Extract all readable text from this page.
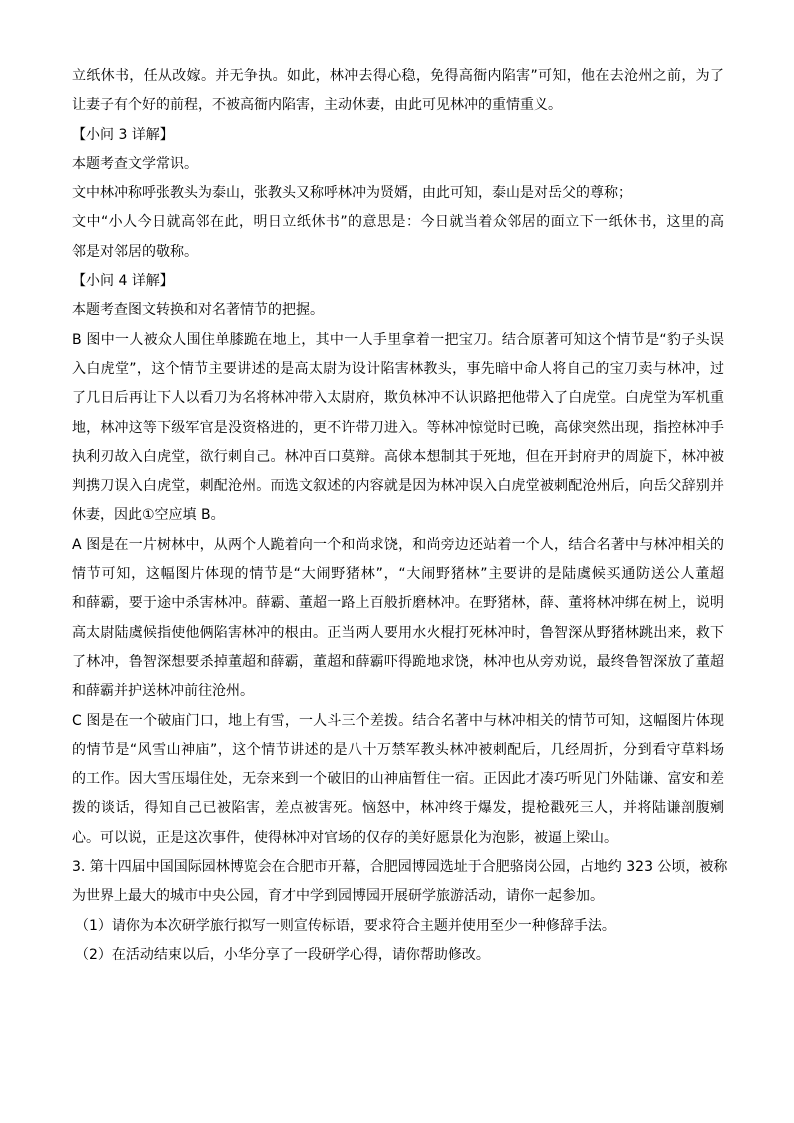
立纸休书，任从改嫁。并无争执。如此，林冲去得心稳，免得高衙内陷害”可知，他在去沧州之前，为了
让妻子有个好的前程，不被高衙内陷害，主动休妻，由此可见林冲的重情重义。
【小问 3 详解】
本题考查文学常识。
文中林冲称呼张教头为泰山，张教头又称呼林冲为贤婿，由此可知，泰山是对岳父的尊称；
文中“小人今日就高邻在此，明日立纸休书”的意思是：今日就当着众邻居的面立下一纸休书，这里的高
邻是对邻居的敬称。
【小问 4 详解】
本题考查图文转换和对名著情节的把握。
B 图中一人被众人围住单膝跪在地上，其中一人手里拿着一把宝刀。结合原著可知这个情节是“豹子头误
入白虎堂”，这个情节主要讲述的是高太尉为设计陷害林教头，事先暗中命人将自己的宝刀卖与林冲，过
了几日后再让下人以看刀为名将林冲带入太尉府，欺负林冲不认识路把他带入了白虎堂。白虎堂为军机重
地，林冲这等下级军官是没资格进的，更不许带刀进入。等林冲惊觉时已晚，高俅突然出现，指控林冲手
执利刃故入白虎堂，欲行刺自己。林冲百口莫辩。高俅本想制其于死地，但在开封府尹的周旋下，林冲被
判携刀误入白虎堂，刺配沧州。而选文叙述的内容就是因为林冲误入白虎堂被刺配沧州后，向岳父辞别并
休妻，因此①空应填 B。
A 图是在一片树林中，从两个人跪着向一个和尚求饶，和尚旁边还站着一个人，结合名著中与林冲相关的
情节可知，这幅图片体现的情节是“大闹野猪林”，“大闹野猪林”主要讲的是陆虞候买通防送公人董超
和薛霸，要于途中杀害林冲。薛霸、董超一路上百般折磨林冲。在野猪林，薛、董将林冲绑在树上，说明
高太尉陆虞候指使他俩陷害林冲的根由。正当两人要用水火棍打死林冲时，鲁智深从野猪林跳出来，救下
了林冲，鲁智深想要杀掉董超和薛霸，董超和薛霸吓得跪地求饶，林冲也从旁劝说，最终鲁智深放了董超
和薛霸并护送林冲前往沧州。
C 图是在一个破庙门口，地上有雪，一人斗三个差拨。结合名著中与林冲相关的情节可知，这幅图片体现
的情节是“风雪山神庙”，这个情节讲述的是八十万禁军教头林冲被刺配后，几经周折，分到看守草料场
的工作。因大雪压塌住处，无奈来到一个破旧的山神庙暂住一宿。正因此才凑巧听见门外陆谦、富安和差
拨的谈话，得知自己已被陷害，差点被害死。恼怒中，林冲终于爆发，提枪戳死三人，并将陆谦剖腹剜
心。可以说，正是这次事件，使得林冲对官场的仅存的美好愿景化为泡影，被逼上梁山。
3. 第十四届中国国际园林博览会在合肥市开幕，合肥园博园选址于合肥骆岗公园，占地约 323 公顷，被称
为世界上最大的城市中央公园，育才中学到园博园开展研学旅游活动，请你一起参加。
（1）请你为本次研学旅行拟写一则宣传标语，要求符合主题并使用至少一种修辞手法。
（2）在活动结束以后，小华分享了一段研学心得，请你帮助修改。
